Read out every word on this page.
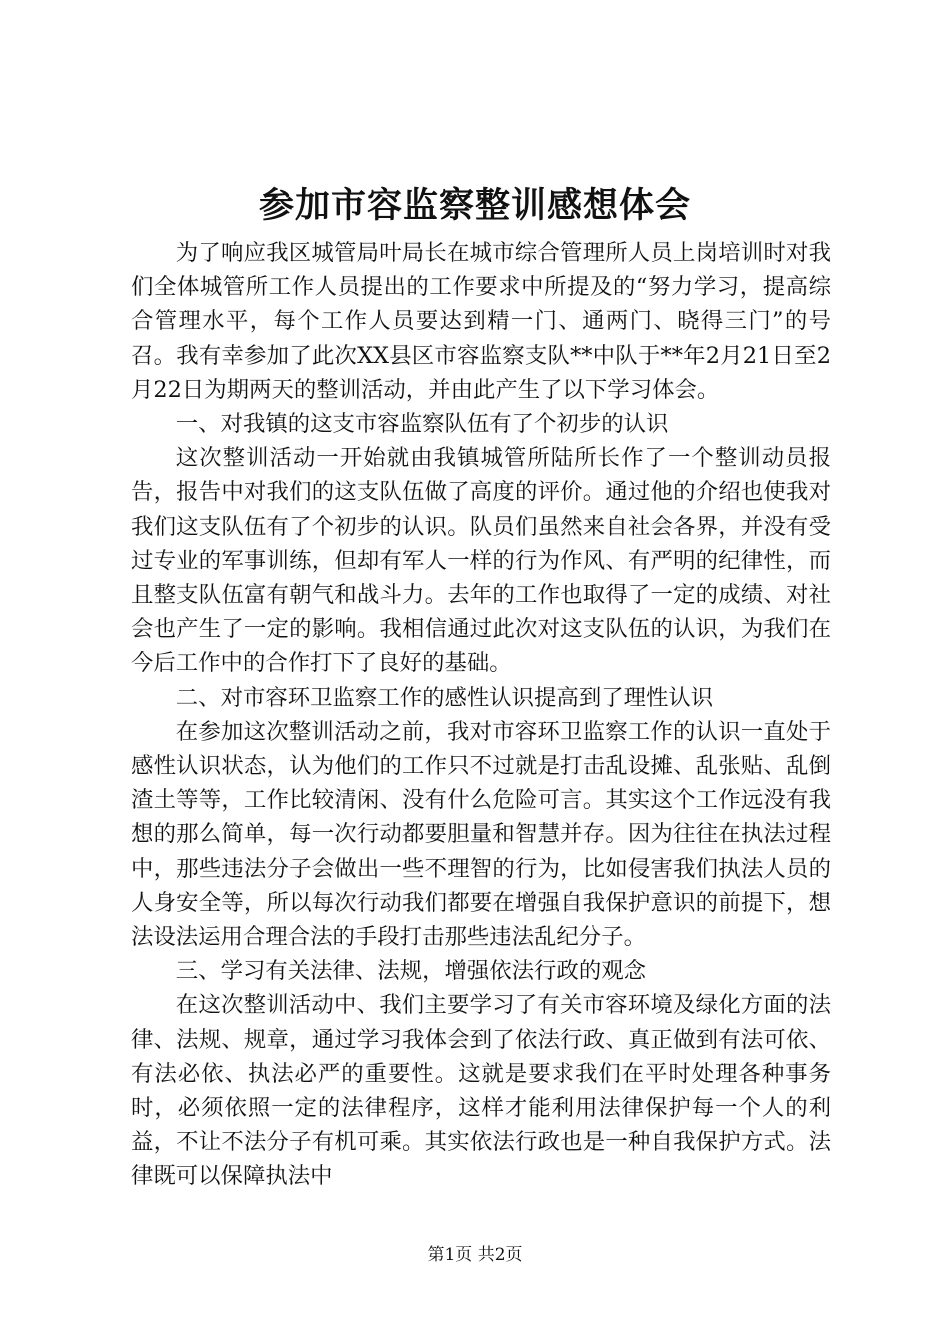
参加市容监察整训感想体会

为了响应我区城管局叶局长在城市综合管理所人员上岗培训时对我们全体城管所工作人员提出的工作要求中所提及的“努力学习，提高综合管理水平，每个工作人员要达到精一门、通两门、晓得三门”的号召。我有幸参加了此次XX县区市容监察支队**中队于**年2月21日至2月22日为期两天的整训活动，并由此产生了以下学习体会。

一、对我镇的这支市容监察队伍有了个初步的认识

这次整训活动一开始就由我镇城管所陆所长作了一个整训动员报告，报告中对我们的这支队伍做了高度的评价。通过他的介绍也使我对我们这支队伍有了个初步的认识。队员们虽然来自社会各界，并没有受过专业的军事训练，但却有军人一样的行为作风、有严明的纪律性，而且整支队伍富有朝气和战斗力。去年的工作也取得了一定的成绩、对社会也产生了一定的影响。我相信通过此次对这支队伍的认识，为我们在今后工作中的合作打下了良好的基础。

二、对市容环卫监察工作的感性认识提高到了理性认识

在参加这次整训活动之前，我对市容环卫监察工作的认识一直处于感性认识状态，认为他们的工作只不过就是打击乱设摊、乱张贴、乱倒渣土等等，工作比较清闲、没有什么危险可言。其实这个工作远没有我想的那么简单，每一次行动都要胆量和智慧并存。因为往往在执法过程中，那些违法分子会做出一些不理智的行为，比如侵害我们执法人员的人身安全等，所以每次行动我们都要在增强自我保护意识的前提下，想法设法运用合理合法的手段打击那些违法乱纪分子。

三、学习有关法律、法规，增强依法行政的观念

在这次整训活动中、我们主要学习了有关市容环境及绿化方面的法律、法规、规章，通过学习我体会到了依法行政、真正做到有法可依、有法必依、执法必严的重要性。这就是要求我们在平时处理各种事务时，必须依照一定的法律程序，这样才能利用法律保护每一个人的利益，不让不法分子有机可乘。其实依法行政也是一种自我保护方式。法律既可以保障执法中

第1页 共2页
